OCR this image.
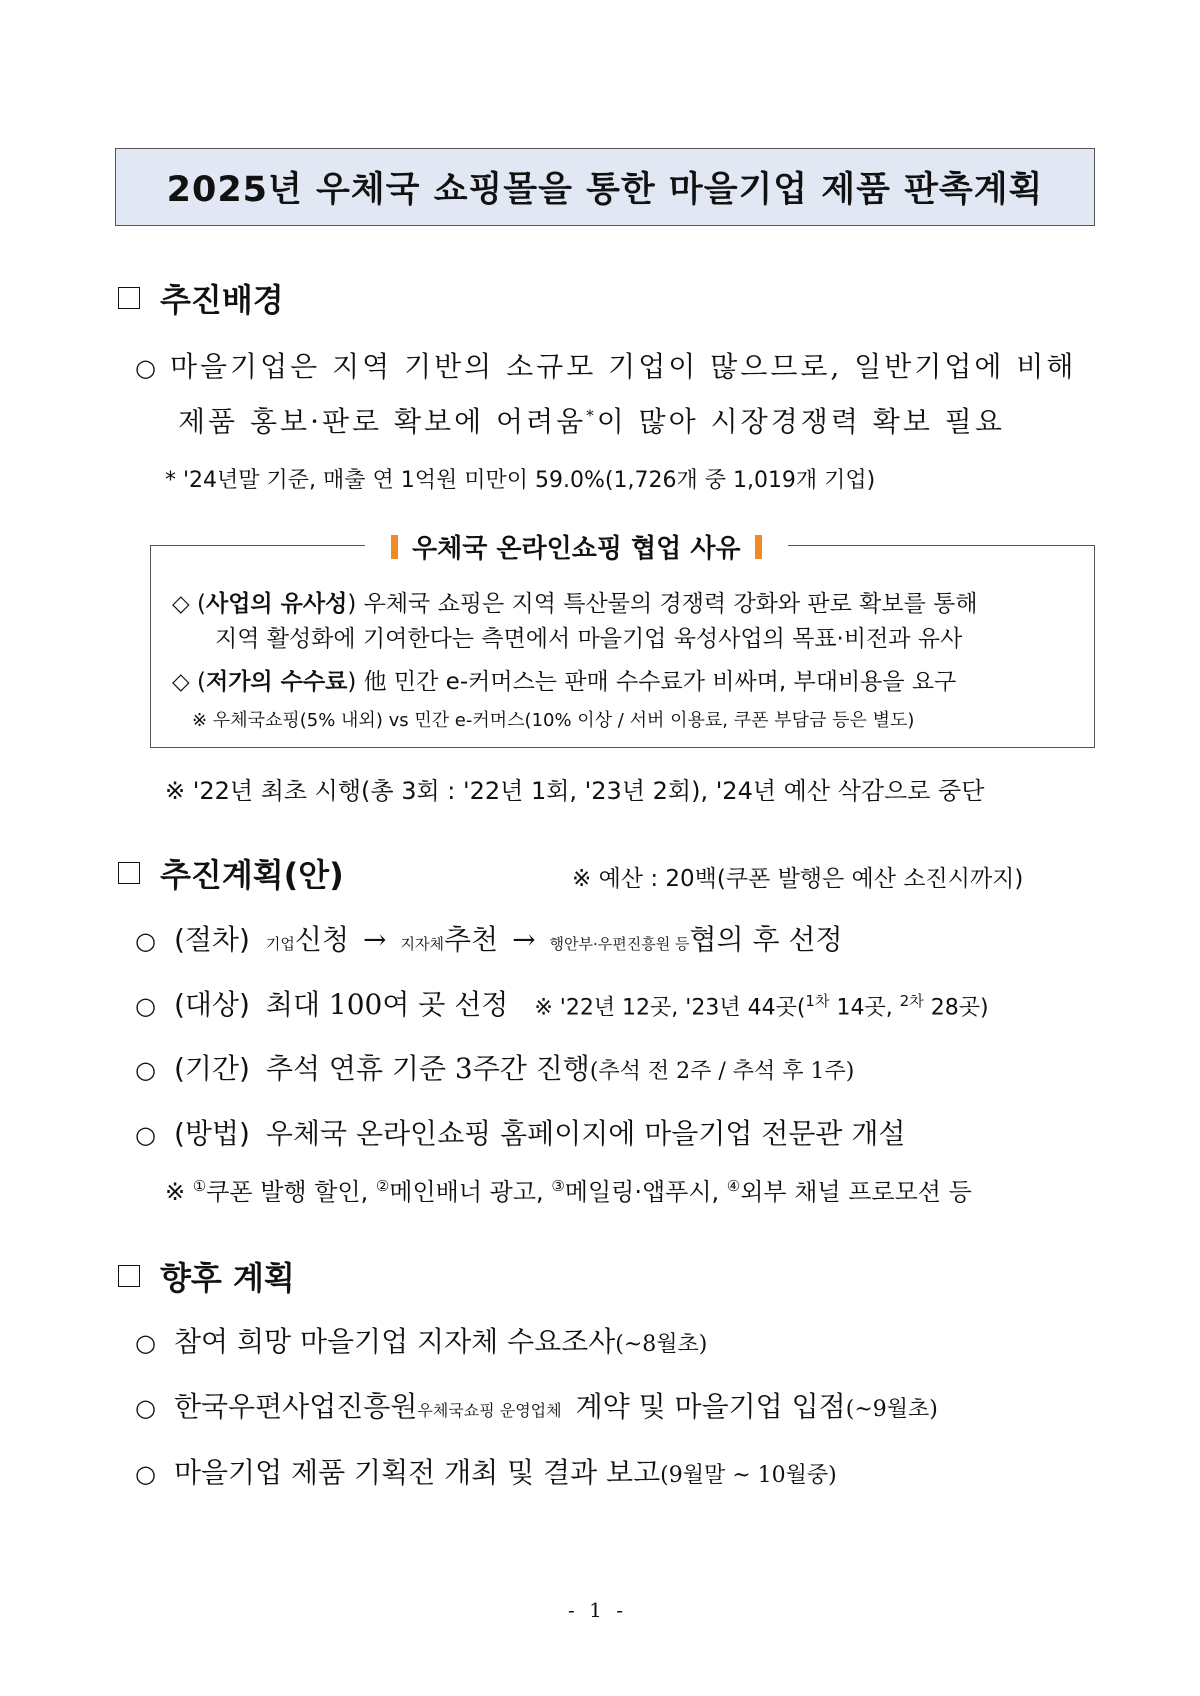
2025년 우체국 쇼핑몰을 통한 마을기업 제품 판촉계획
추진배경
○ 마을기업은 지역 기반의 소규모 기업이 많으므로, 일반기업에 비해
제품 홍보·판로 확보에 어려움*이 많아 시장경쟁력 확보 필요
* '24년말 기준, 매출 연 1억원 미만이 59.0%(1,726개 중 1,019개 기업)
우체국 온라인쇼핑 협업 사유
◇ (사업의 유사성) 우체국 쇼핑은 지역 특산물의 경쟁력 강화와 판로 확보를 통해
지역 활성화에 기여한다는 측면에서 마을기업 육성사업의 목표·비전과 유사
◇ (저가의 수수료) 他 민간 e-커머스는 판매 수수료가 비싸며, 부대비용을 요구
※ 우체국쇼핑(5% 내외) vs 민간 e-커머스(10% 이상 / 서버 이용료, 쿠폰 부담금 등은 별도)
※ '22년 최초 시행(총 3회 : '22년 1회, '23년 2회), '24년 예산 삭감으로 중단
추진계획(안)	※ 예산 : 20백(쿠폰 발행은 예산 소진시까지)
○ (절차) 기업 신청 → 지자체 추천 → 행안부·우편진흥원 등 협의 후 선정
○ (대상) 최대 100여 곳 선정 ※ '22년 12곳, '23년 44곳($^{1차}$ 14곳, $^{2차}$ 28곳)
○ (기간) 추석 연휴 기준 3주간 진행 (추석 전 2주 / 추석 후 1주)
○ (방법) 우체국 온라인쇼핑 홈페이지에 마을기업 전문관 개설
※ ①쿠폰 발행 할인, ②메인배너 광고, ③메일링·앱푸시, ④외부 채널 프로모션 등
향후 계획
○ 참여 희망 마을기업 지자체 수요조사 (~8월초)
○ 한국우편사업진흥원 우체국쇼핑 운영업체 계약 및 마을기업 입점 (~9월초)
○ 마을기업 제품 기획전 개최 및 결과 보고 (9월말 ~ 10월중)
- 1 -
